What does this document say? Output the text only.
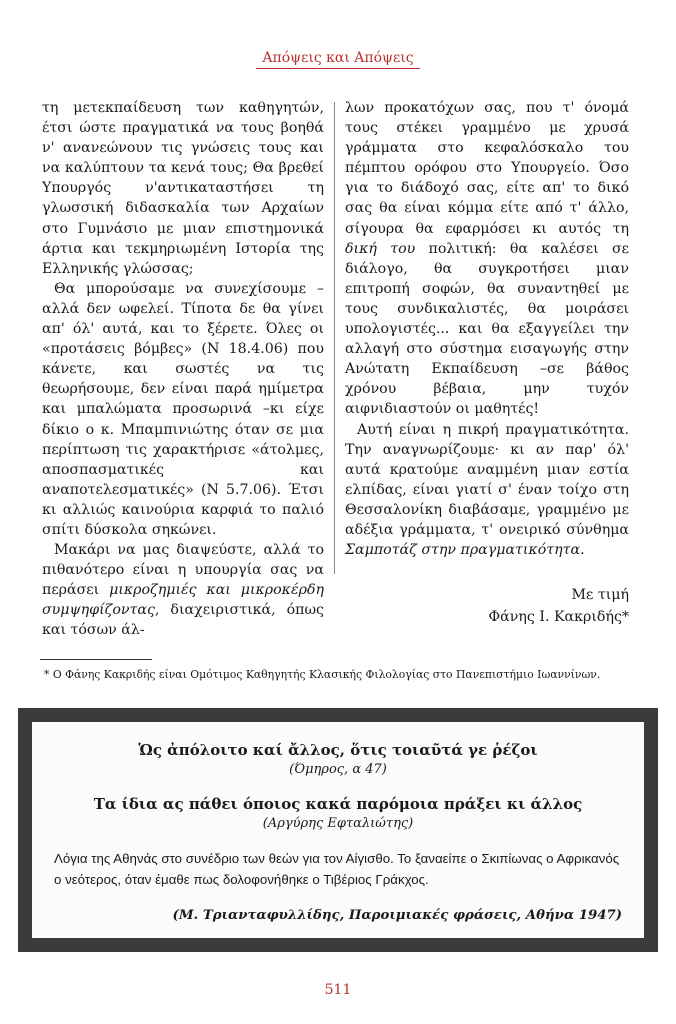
Απόψεις και Απόψεις

τη μετεκπαίδευση των καθηγητών, έτσι ώστε πραγματικά να τους βοηθά ν' ανανεώνουν τις γνώσεις τους και να καλύπτουν τα κενά τους; Θα βρεθεί Υπουργός ν'αντικαταστήσει τη γλωσσική διδασκαλία των Αρχαίων στο Γυμνάσιο με μιαν επιστημονικά άρτια και τεκμηριωμένη Ιστορία της Ελληνικής γλώσσας;

Θα μπορούσαμε να συνεχίσουμε –αλλά δεν ωφελεί. Τίποτα δε θα γίνει απ' όλ' αυτά, και το ξέρετε. Όλες οι «προτάσεις βόμβες» (Ν 18.4.06) που κάνετε, και σωστές να τις θεωρήσουμε, δεν είναι παρά ημίμετρα και μπαλώματα προσωρινά –κι είχε δίκιο ο κ. Μπαμπινιώτης όταν σε μια περίπτωση τις χαρακτήρισε «άτολμες, αποσπασματικές και αναποτελεσματικές» (Ν 5.7.06). Έτσι κι αλλιώς καινούρια καρφιά το παλιό σπίτι δύσκολα σηκώνει.

Μακάρι να μας διαψεύστε, αλλά το πιθανότερο είναι η υπουργία σας να περάσει μικροζημιές και μικροκέρδη συμψηφίζοντας, διαχειριστικά, όπως και τόσων άλ-

λων προκατόχων σας, που τ' όνομά τους στέκει γραμμένο με χρυσά γράμματα στο κεφαλόσκαλο του πέμπτου ορόφου στο Υπουργείο. Όσο για το διάδοχό σας, είτε απ' το δικό σας θα είναι κόμμα είτε από τ' άλλο, σίγουρα θα εφαρμόσει κι αυτός τη δική του πολιτική: θα καλέσει σε διάλογο, θα συγκροτήσει μιαν επιτροπή σοφών, θα συναντηθεί με τους συνδικαλιστές, θα μοιράσει υπολογιστές... και θα εξαγγείλει την αλλαγή στο σύστημα εισαγωγής στην Ανώτατη Εκπαίδευση –σε βάθος χρόνου βέβαια, μην τυχόν αιφνιδιαστούν οι μαθητές!

Αυτή είναι η πικρή πραγματικότητα. Την αναγνωρίζουμε· κι αν παρ' όλ' αυτά κρατούμε αναμμένη μιαν εστία ελπίδας, είναι γιατί σ' έναν τοίχο στη Θεσσαλονίκη διαβάσαμε, γραμμένο με αδέξια γράμματα, τ' ονειρικό σύνθημα Σαμποτάζ στην πραγματικότητα.

Με τιμή
Φάνης Ι. Κακριδής*
* Ο Φάνης Κακριδής είναι Ομότιμος Καθηγητής Κλασικής Φιλολογίας στο Πανεπιστήμιο Ιωαννίνων.
Ὡς ἀπόλοιτο καί ἄλλος, ὅτις τοιαῦτά γε ῥέζοι
(Όμηρος, α 47)
Τα ίδια ας πάθει όποιος κακά παρόμοια πράξει κι άλλος
(Αργύρης Εφταλιώτης)
Λόγια της Αθηνάς στο συνέδριο των θεών για τον Αίγισθο. Το ξαναείπε ο Σκιπίωνας ο Αφρικανός ο νεότερος, όταν έμαθε πως δολοφονήθηκε ο Τιβέριος Γράκχος.
(Μ. Τριανταφυλλίδης, Παροιμιακές φράσεις, Αθήνα 1947)
511
